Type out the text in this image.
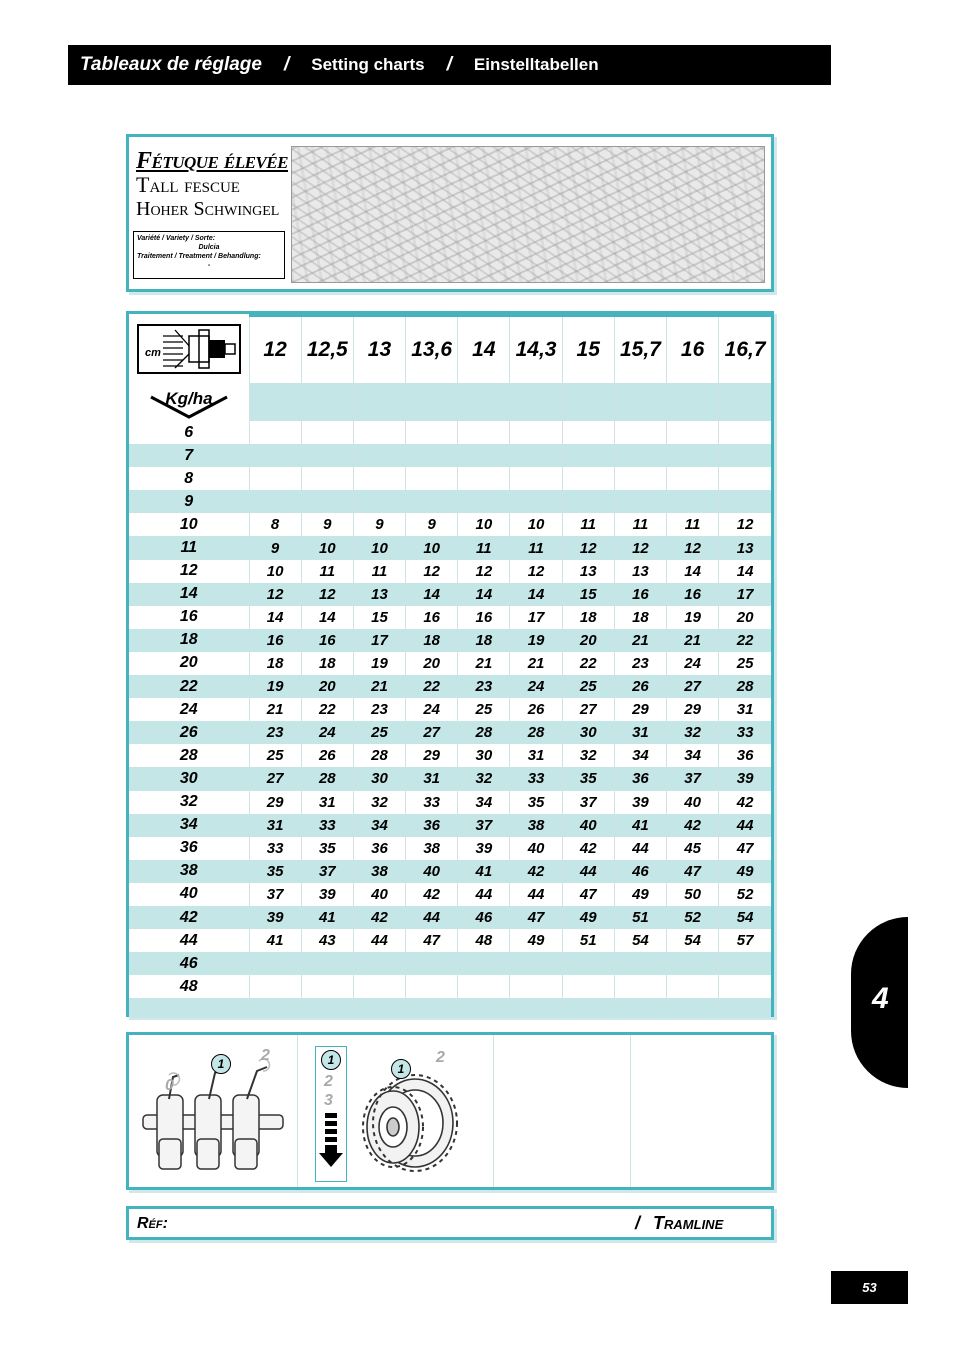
Tableaux de réglage / Setting charts / Einstelltabellen
Fétuque élevée
Tall fescue
Hoher Schwingel
Variété / Variety / Sorte:
Dulcia
Traitement / Treatment / Behandlung:
-
cm	12	12,5	13	13,6	14	14,3	15	15,7	16	16,7

Kg/ha										

6										
7										
8										
9										
10	8	9	9	9	10	10	11	11	11	12
11	9	10	10	10	11	11	12	12	12	13
12	10	11	11	12	12	12	13	13	14	14
14	12	12	13	14	14	14	15	16	16	17
16	14	14	15	16	16	17	18	18	19	20
18	16	16	17	18	18	19	20	21	21	22
20	18	18	19	20	21	21	22	23	24	25
22	19	20	21	22	23	24	25	26	27	28
24	21	22	23	24	25	26	27	29	29	31
26	23	24	25	27	28	28	30	31	32	33
28	25	26	28	29	30	31	32	34	34	36
30	27	28	30	31	32	33	35	36	37	39
32	29	31	32	33	34	35	37	39	40	42
34	31	33	34	36	37	38	40	41	42	44
36	33	35	36	38	39	40	42	44	45	47
38	35	37	38	40	41	42	44	46	47	49
40	37	39	40	42	44	44	47	49	50	52
42	39	41	42	44	46	47	49	51	52	54
44	41	43	44	47	48	49	51	54	54	57
46										
48										

0
1	2	1
2
3
1
2
Réf:	/ Tramline
4
53
